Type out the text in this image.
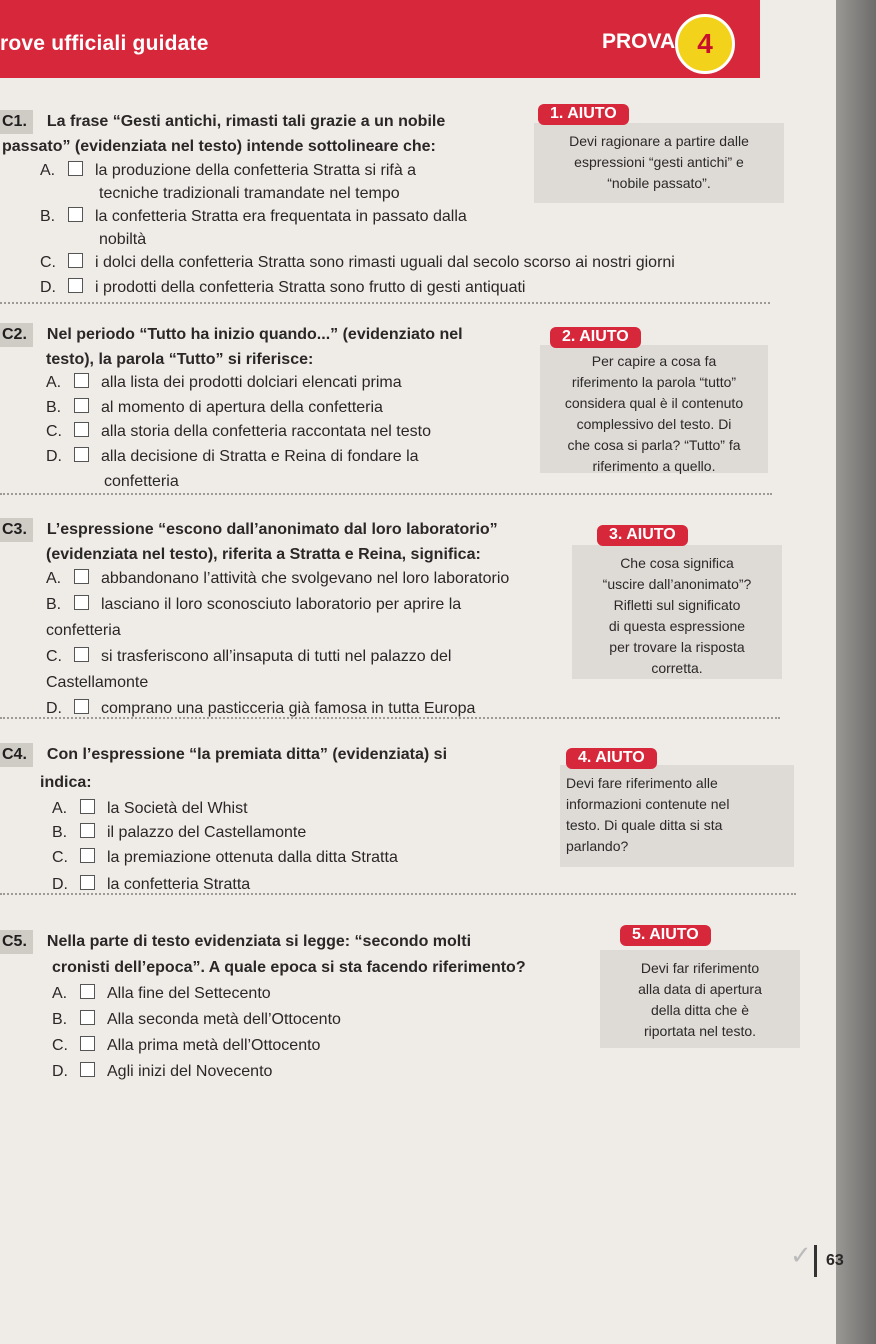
rove ufficiali guidate	PROVA 4
C1. La frase “Gesti antichi, rimasti tali grazie a un nobile
passato” (evidenziata nel testo) intende sottolineare che:
A. la produzione della confetteria Stratta si rifà a
tecniche tradizionali tramandate nel tempo
B. la confetteria Stratta era frequentata in passato dalla
nobiltà
C. i dolci della confetteria Stratta sono rimasti uguali dal secolo scorso ai nostri giorni
D. i prodotti della confetteria Stratta sono frutto di gesti antiquati
Devi ragionare a partire dalle
espressioni “gesti antichi” e
“nobile passato”.
1. AIUTO
C2. Nel periodo “Tutto ha inizio quando...” (evidenziato nel
testo), la parola “Tutto” si riferisce:
A. alla lista dei prodotti dolciari elencati prima
B. al momento di apertura della confetteria
C. alla storia della confetteria raccontata nel testo
D. alla decisione di Stratta e Reina di fondare la
confetteria
Per capire a cosa fa
riferimento la parola “tutto”
considera qual è il contenuto
complessivo del testo. Di
che cosa si parla? “Tutto” fa
riferimento a quello.
2. AIUTO
C3. L’espressione “escono dall’anonimato dal loro laboratorio”
(evidenziata nel testo), riferita a Stratta e Reina, significa:
A. abbandonano l’attività che svolgevano nel loro laboratorio
B. lasciano il loro sconosciuto laboratorio per aprire la
confetteria
C. si trasferiscono all’insaputa di tutti nel palazzo del
Castellamonte
D. comprano una pasticceria già famosa in tutta Europa
Che cosa significa
“uscire dall’anonimato”?
Rifletti sul significato
di questa espressione
per trovare la risposta
corretta.
3. AIUTO
C4. Con l’espressione “la premiata ditta” (evidenziata) si
indica:
A. la Società del Whist
B. il palazzo del Castellamonte
C. la premiazione ottenuta dalla ditta Stratta
D. la confetteria Stratta
Devi fare riferimento alle
informazioni contenute nel
testo. Di quale ditta si sta
parlando?
4. AIUTO
C5. Nella parte di testo evidenziata si legge: “secondo molti
cronisti dell’epoca”. A quale epoca si sta facendo riferimento?
A. Alla fine del Settecento
B. Alla seconda metà dell’Ottocento
C. Alla prima metà dell’Ottocento
D. Agli inizi del Novecento
Devi far riferimento
alla data di apertura
della ditta che è
riportata nel testo.
5. AIUTO
✓ 63
